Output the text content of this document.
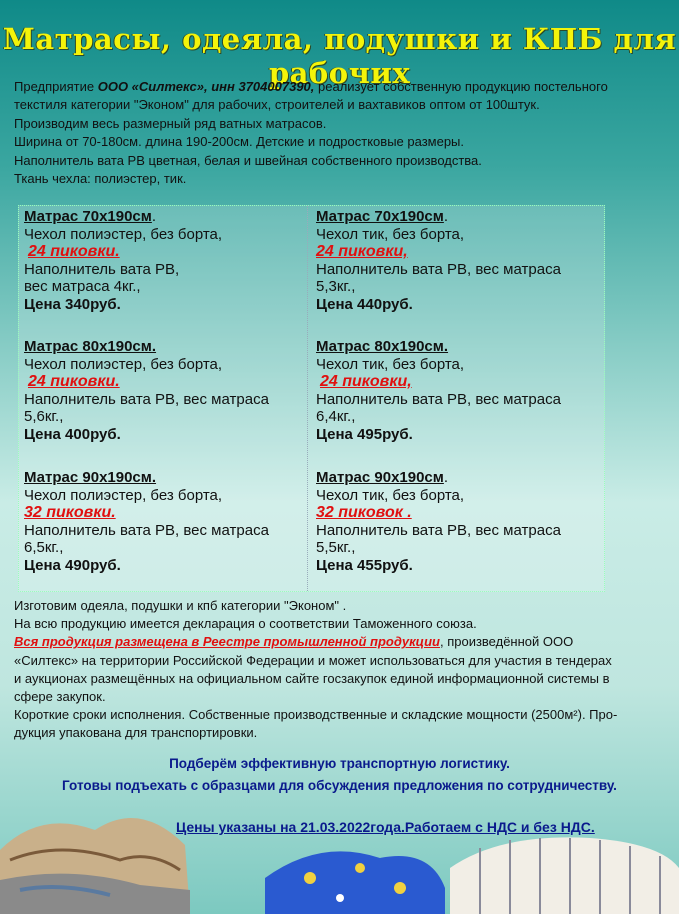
Матрасы, одеяла, подушки и КПБ для рабочих
Предприятие ООО «Силтекс», инн 3704007390, реализует собственную продукцию постельного
текстиля категории "Эконом" для рабочих, строителей и вахтавиков оптом от 100штук.
Производим весь размерный ряд ватных матрасов.
Ширина от 70-180см. длина 190-200см. Детские и подростковые размеры.
Наполнитель вата РВ цветная, белая и швейная собственного производства.
Ткань чехла: полиэстер, тик.
Матрас 70х190см.
Чехол полиэстер, без борта,
24 пиковки.
Наполнитель вата РВ,
вес матраса 4кг.,
Цена 340руб.
Матрас 80х190см.
Чехол полиэстер, без борта,
24 пиковки.
Наполнитель вата РВ, вес матраса
5,6кг.,
Цена 400руб.
Матрас 90х190см.
Чехол полиэстер, без борта,
32 пиковки.
Наполнитель вата РВ, вес матраса
6,5кг.,
Цена 490руб.
Матрас 70х190см.
Чехол тик, без борта,
24 пиковки,
Наполнитель вата РВ, вес матраса
5,3кг.,
Цена 440руб.
Матрас 80х190см.
Чехол тик, без борта,
24 пиковки,
Наполнитель вата РВ, вес матраса
6,4кг.,
Цена 495руб.
Матрас 90х190см.
Чехол тик, без борта,
32 пиковок .
Наполнитель вата РВ, вес матраса
5,5кг.,
Цена 455руб.
Изготовим одеяла, подушки и кпб категории "Эконом" .
На всю продукцию имеется декларация о соответствии Таможенного союза.
Вся продукция размещена в Реестре промышленной продукции, произведённой ООО
«Силтекс» на территории Российской Федерации и может использоваться для участия в тендерах
и аукционах размещённых на официальном сайте госзакупок единой информационной системы в
сфере закупок.
Короткие сроки исполнения. Собственные производственные и складские мощности (2500м²). Про-
дукция упакована для транспортировки.
Подберём эффективную транспортную логистику.
Готовы подъехать с образцами для обсуждения предложения по сотрудничеству.
Цены указаны на 21.03.2022года.Работаем с НДС и без НДС.
